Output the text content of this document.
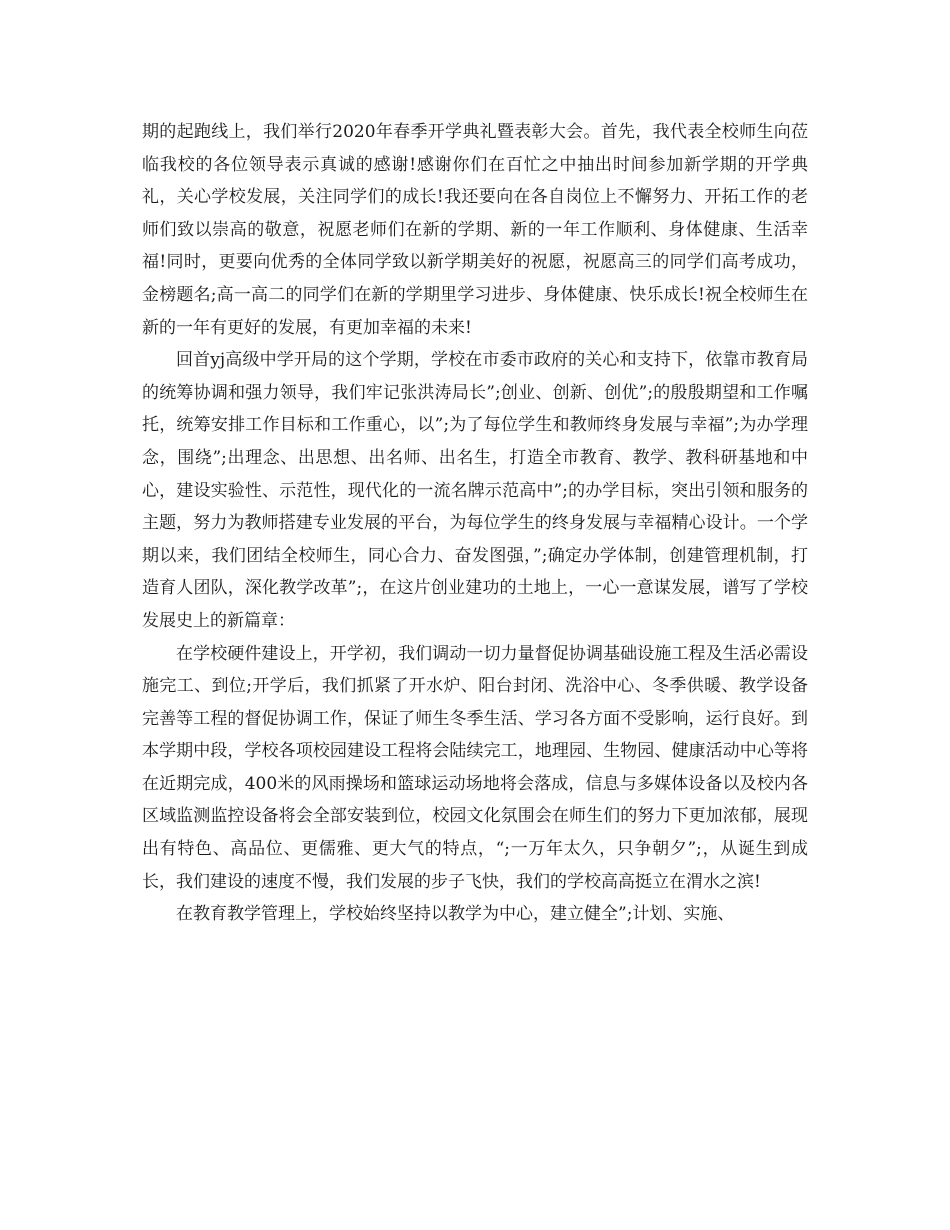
期的起跑线上，我们举行2020年春季开学典礼暨表彰大会。首先，我代表全校师生向莅临我校的各位领导表示真诚的感谢!感谢你们在百忙之中抽出时间参加新学期的开学典礼，关心学校发展，关注同学们的成长!我还要向在各自岗位上不懈努力、开拓工作的老师们致以崇高的敬意，祝愿老师们在新的学期、新的一年工作顺利、身体健康、生活幸福!同时，更要向优秀的全体同学致以新学期美好的祝愿，祝愿高三的同学们高考成功，金榜题名;高一高二的同学们在新的学期里学习进步、身体健康、快乐成长!祝全校师生在新的一年有更好的发展，有更加幸福的未来!

回首yj高级中学开局的这个学期，学校在市委市政府的关心和支持下，依靠市教育局的统筹协调和强力领导，我们牢记张洪涛局长”;创业、创新、创优”;的殷殷期望和工作嘱托，统筹安排工作目标和工作重心，以”;为了每位学生和教师终身发展与幸福”;为办学理念，围绕”;出理念、出思想、出名师、出名生，打造全市教育、教学、教科研基地和中心，建设实验性、示范性，现代化的一流名牌示范高中”;的办学目标，突出引领和服务的主题，努力为教师搭建专业发展的平台，为每位学生的终身发展与幸福精心设计。一个学期以来，我们团结全校师生，同心合力、奋发图强，”;确定办学体制，创建管理机制，打造育人团队，深化教学改革”;，在这片创业建功的土地上，一心一意谋发展，谱写了学校发展史上的新篇章：

在学校硬件建设上，开学初，我们调动一切力量督促协调基础设施工程及生活必需设施完工、到位;开学后，我们抓紧了开水炉、阳台封闭、洗浴中心、冬季供暖、教学设备完善等工程的督促协调工作，保证了师生冬季生活、学习各方面不受影响，运行良好。到本学期中段，学校各项校园建设工程将会陆续完工，地理园、生物园、健康活动中心等将在近期完成，400米的风雨操场和篮球运动场地将会落成，信息与多媒体设备以及校内各区域监测监控设备将会全部安装到位，校园文化氛围会在师生们的努力下更加浓郁，展现出有特色、高品位、更儒雅、更大气的特点，“;一万年太久，只争朝夕”;，从诞生到成长，我们建设的速度不慢，我们发展的步子飞快，我们的学校高高挺立在渭水之滨!

在教育教学管理上，学校始终坚持以教学为中心，建立健全”;计划、实施、
